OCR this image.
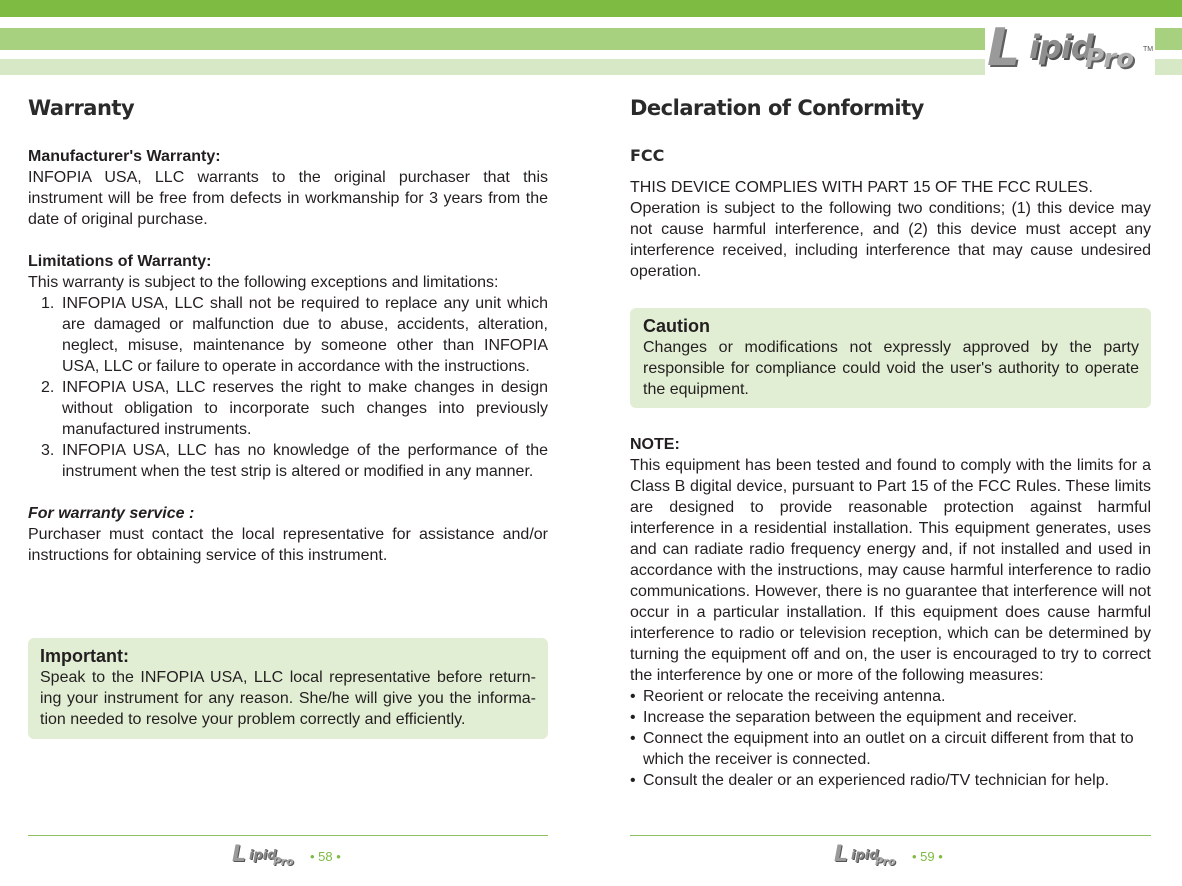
L ipid
Pro TM
Warranty
Manufacturer's Warranty:

INFOPIA USA, LLC warrants to the original purchaser that this instrument will be free from defects in workmanship for 3 years from the date of original purchase.

Limitations of Warranty:

This warranty is subject to the following exceptions and limitations:

1. INFOPIA USA, LLC shall not be required to replace any unit which are damaged or malfunction due to abuse, accidents, alteration, neglect, misuse, maintenance by someone other than INFOPIA USA, LLC or failure to operate in accordance with the instructions.
2. INFOPIA USA, LLC reserves the right to make changes in design without obligation to incorporate such changes into previously manufactured instruments.
3. INFOPIA USA, LLC has no knowledge of the performance of the instrument when the test strip is altered or modified in any manner.
For warranty service :

Purchaser must contact the local representative for assistance and/or instructions for obtaining service of this instrument.

Important:
Speak to the INFOPIA USA, LLC local representative before return-ing your instrument for any reason. She/he will give you the informa-tion needed to resolve your problem correctly and efficiently.
Declaration of Conformity
FCC

THIS DEVICE COMPLIES WITH PART 15 OF THE FCC RULES.

Operation is subject to the following two conditions; (1) this device may not cause harmful interference, and (2) this device must accept any interference received, including interference that may cause undesired operation.

Caution
Changes or modifications not expressly approved by the party responsible for compliance could void the user's authority to operate the equipment.
NOTE:

This equipment has been tested and found to comply with the limits for a Class B digital device, pursuant to Part 15 of the FCC Rules. These limits are designed to provide reasonable protection against harmful interference in a residential installation. This equipment generates, uses and can radiate radio frequency energy and, if not installed and used in accordance with the instructions, may cause harmful interference to radio communications. However, there is no guarantee that interference will not occur in a particular installation. If this equipment does cause harmful interference to radio or television reception, which can be determined by turning the equipment off and on, the user is encouraged to try to correct the interference by one or more of the following measures:

• Reorient or relocate the receiving antenna.
• Increase the separation between the equipment and receiver.
• Connect the equipment into an outlet on a circuit different from that to which the receiver is connected.
• Consult the dealer or an experienced radio/TV technician for help.
L ipid
Pro • 58 •	L ipid
Pro • 59 •
